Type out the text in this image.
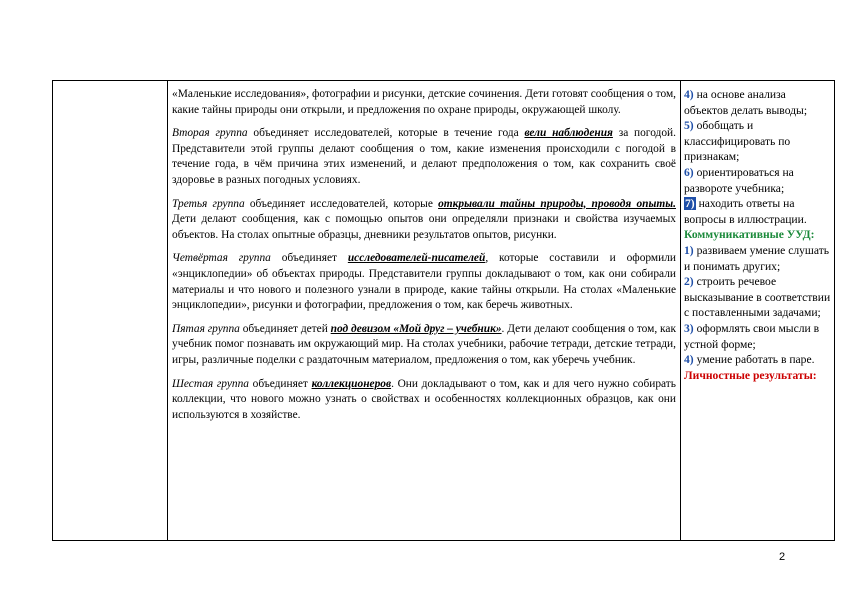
«Маленькие исследования», фотографии и рисунки, детские сочинения. Дети готовят сообщения о том, какие тайны природы они открыли, и предложения по охране природы, окружающей школу.

Вторая группа объединяет исследователей, которые в течение года вели наблюдения за погодой. Представители этой группы делают сообщения о том, какие изменения происходили с погодой в течение года, в чём причина этих изменений, и делают предположения о том, как сохранить своё здоровье в разных погодных условиях.

Третья группа объединяет исследователей, которые открывали тайны природы, проводя опыты. Дети делают сообщения, как с помощью опытов они определяли признаки и свойства изучаемых объектов. На столах опытные образцы, дневники результатов опытов, рисунки.

Четвёртая группа объединяет исследователей-писателей, которые составили и оформили «энциклопедии» об объектах природы. Представители группы докладывают о том, как они собирали материалы и что нового и полезного узнали в природе, какие тайны открыли. На столах «Маленькие энциклопедии», рисунки и фотографии, предложения о том, как беречь животных.

Пятая группа объединяет детей под девизом «Мой друг – учебник». Дети делают сообщения о том, как учебник помог познавать им окружающий мир. На столах учебники, рабочие тетради, детские тетради, игры, различные поделки с раздаточным материалом, предложения о том, как уберечь учебник.

Шестая группа объединяет коллекционеров. Они докладывают о том, как и для чего нужно собирать коллекции, что нового можно узнать о свойствах и особенностях коллекционных образцов, как они используются в хозяйстве.

4) на основе анализа объектов делать выводы;
5) обобщать и классифицировать по признакам;
6) ориентироваться на развороте учебника;
7) находить ответы на вопросы в иллюстрации.
Коммуникативные УУД:
1) развиваем умение слушать и понимать других;
2) строить речевое высказывание в соответствии с поставленными задачами;
3) оформлять свои мысли в устной форме;
4) умение работать в паре.
Личностные результаты:
2
